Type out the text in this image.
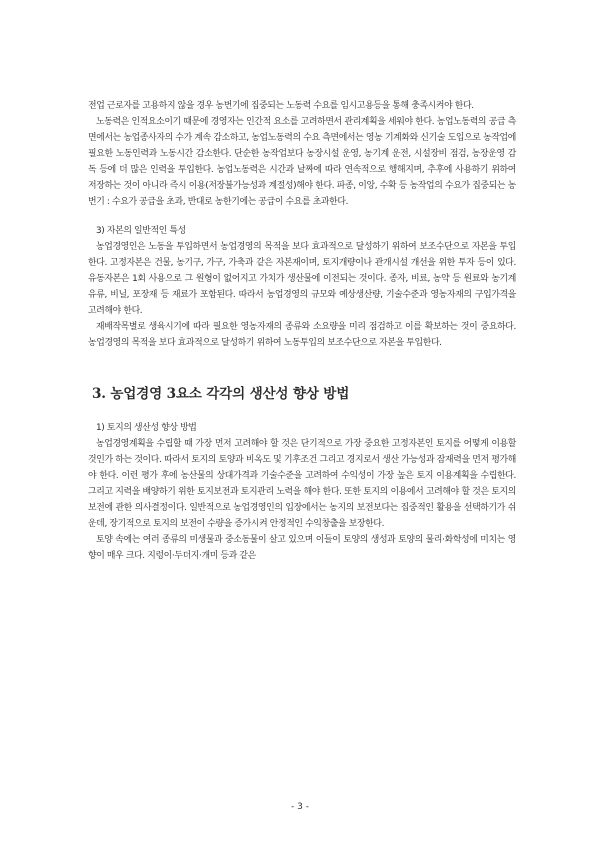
전업 근로자를 고용하지 않을 경우 농번기에 집중되는 노동력 수요를 임시고용등을 통해 충족시켜야 한다.

노동력은 인적요소이기 때문에 경영자는 인간적 요소를 고려하면서 관리계획을 세워야 한다. 농업노동력의 공급 측면에서는 농업종사자의 수가 계속 감소하고, 농업노동력의 수요 측면에서는 영농 기계화와 신기술 도입으로 농작업에 필요한 노동인력과 노동시간 감소한다. 단순한 농작업보다 농장시설 운영, 농기계 운전, 시설장비 점검, 농장운영 감독 등에 더 많은 인력을 투입한다. 농업노동력은 시간과 날짜에 따라 연속적으로 행해지며, 추후에 사용하기 위하여 저장하는 것이 아니라 즉시 이용(저장불가능성과 계절성)해야 한다. 파종, 이앙, 수확 등 농작업의 수요가 집중되는 농번기 : 수요가 공급을 초과, 반대로 농한기에는 공급이 수요를 초과한다.

3) 자본의 일반적인 특성

농업경영인은 노동을 투입하면서 농업경영의 목적을 보다 효과적으로 달성하기 위하여 보조수단으로 자본을 투입한다. 고정자본은 건물, 농기구, 가구, 가축과 같은 자본재이며, 토지개량이나 관개시설 개선을 위한 투자 등이 있다. 유동자본은 1회 사용으로 그 원형이 없어지고 가치가 생산물에 이전되는 것이다. 종자, 비료, 농약 등 원료와 농기계 유류, 비닐, 포장재 등 재료가 포함된다. 따라서 농업경영의 규모와 예상생산량, 기술수준과 영농자재의 구입가격을 고려해야 한다.

재배작목별로 생육시기에 따라 필요한 영농자재의 종류와 소요량을 미리 점검하고 이를 확보하는 것이 중요하다. 농업경영의 목적을 보다 효과적으로 달성하기 위하여 노동투입의 보조수단으로 자본을 투입한다.

3. 농업경영 3요소 각각의 생산성 향상 방법

1) 토지의 생산성 향상 방법

농업경영계획을 수립할 때 가장 먼저 고려해야 할 것은 단기적으로 가장 중요한 고정자본인 토지를 어떻게 이용할 것인가 하는 것이다. 따라서 토지의 토양과 비옥도 및 기후조건 그리고 경지로서 생산 가능성과 잠재력을 먼저 평가해야 한다. 이런 평가 후에 농산물의 상대가격과 기술수준을 고려하여 수익성이 가장 높은 토지 이용계획을 수립한다. 그리고 지력을 배양하기 위한 토지보전과 토지관리 노력을 해야 한다. 또한 토지의 이용에서 고려해야 할 것은 토지의 보전에 관한 의사결정이다. 일반적으로 농업경영인의 입장에서는 농지의 보전보다는 집중적인 활용을 선택하기가 쉬운데, 장기적으로 토지의 보전이 수량을 증가시켜 안정적인 수익창출을 보장한다.

토양 속에는 여러 종류의 미생물과 중소동물이 살고 있으며 이들이 토양의 생성과 토양의 물리·화학성에 미치는 영향이 매우 크다. 지렁이·두더지·개미 등과 같은

- 3 -
